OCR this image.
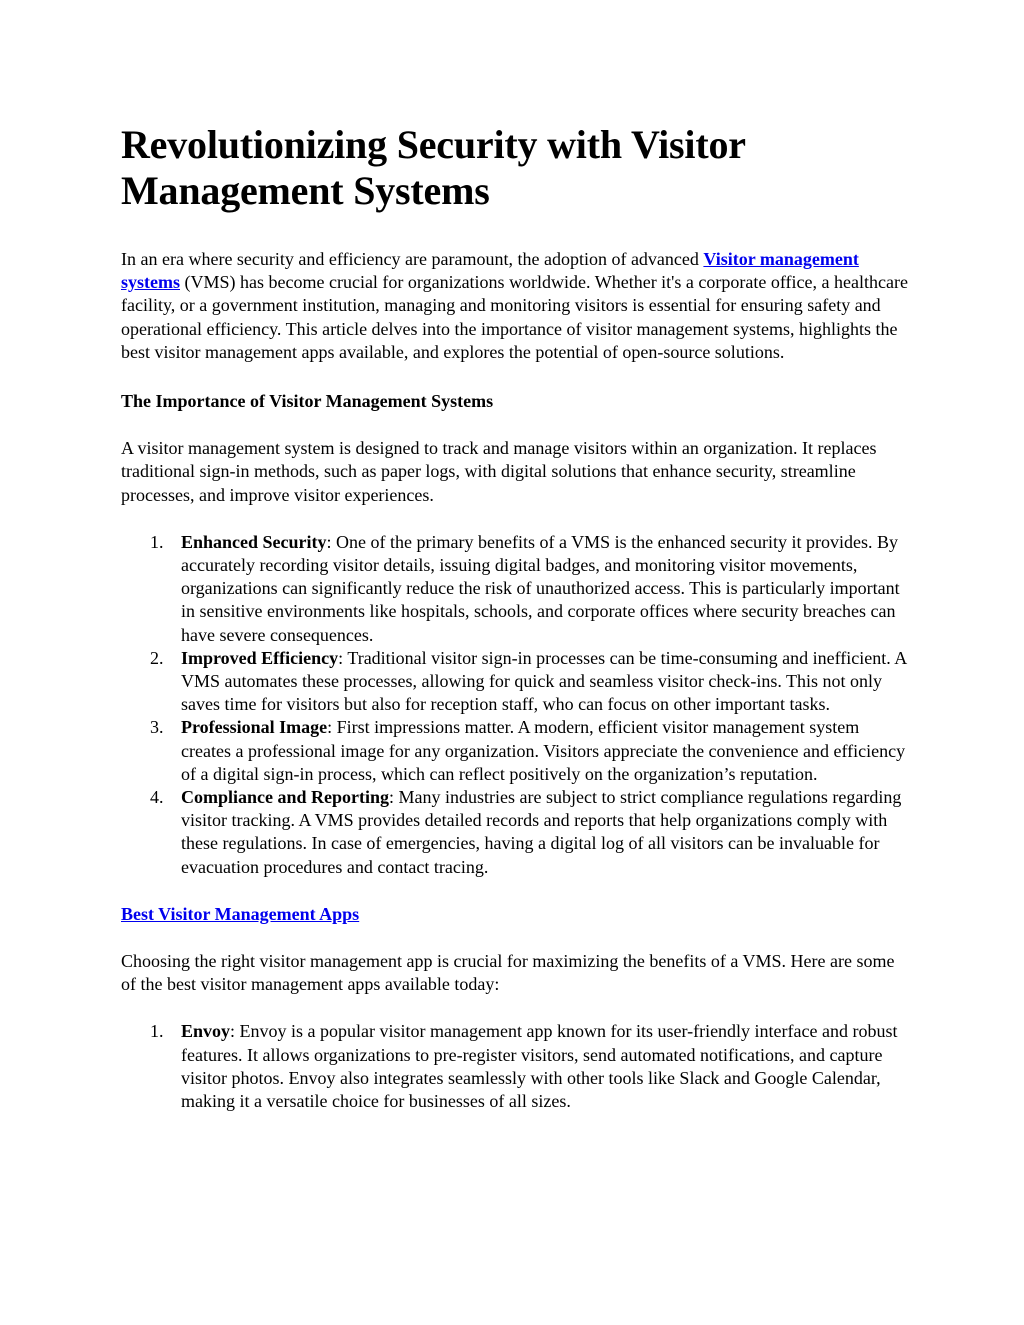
Revolutionizing Security with Visitor Management Systems

In an era where security and efficiency are paramount, the adoption of advanced Visitor management systems (VMS) has become crucial for organizations worldwide. Whether it's a corporate office, a healthcare facility, or a government institution, managing and monitoring visitors is essential for ensuring safety and operational efficiency. This article delves into the importance of visitor management systems, highlights the best visitor management apps available, and explores the potential of open-source solutions.

The Importance of Visitor Management Systems

A visitor management system is designed to track and manage visitors within an organization. It replaces traditional sign-in methods, such as paper logs, with digital solutions that enhance security, streamline processes, and improve visitor experiences.

1. Enhanced Security: One of the primary benefits of a VMS is the enhanced security it provides. By accurately recording visitor details, issuing digital badges, and monitoring visitor movements, organizations can significantly reduce the risk of unauthorized access. This is particularly important in sensitive environments like hospitals, schools, and corporate offices where security breaches can have severe consequences.
2. Improved Efficiency: Traditional visitor sign-in processes can be time-consuming and inefficient. A VMS automates these processes, allowing for quick and seamless visitor check-ins. This not only saves time for visitors but also for reception staff, who can focus on other important tasks.
3. Professional Image: First impressions matter. A modern, efficient visitor management system creates a professional image for any organization. Visitors appreciate the convenience and efficiency of a digital sign-in process, which can reflect positively on the organization’s reputation.
4. Compliance and Reporting: Many industries are subject to strict compliance regulations regarding visitor tracking. A VMS provides detailed records and reports that help organizations comply with these regulations. In case of emergencies, having a digital log of all visitors can be invaluable for evacuation procedures and contact tracing.

Best Visitor Management Apps

Choosing the right visitor management app is crucial for maximizing the benefits of a VMS. Here are some of the best visitor management apps available today:

1. Envoy: Envoy is a popular visitor management app known for its user-friendly interface and robust features. It allows organizations to pre-register visitors, send automated notifications, and capture visitor photos. Envoy also integrates seamlessly with other tools like Slack and Google Calendar, making it a versatile choice for businesses of all sizes.
